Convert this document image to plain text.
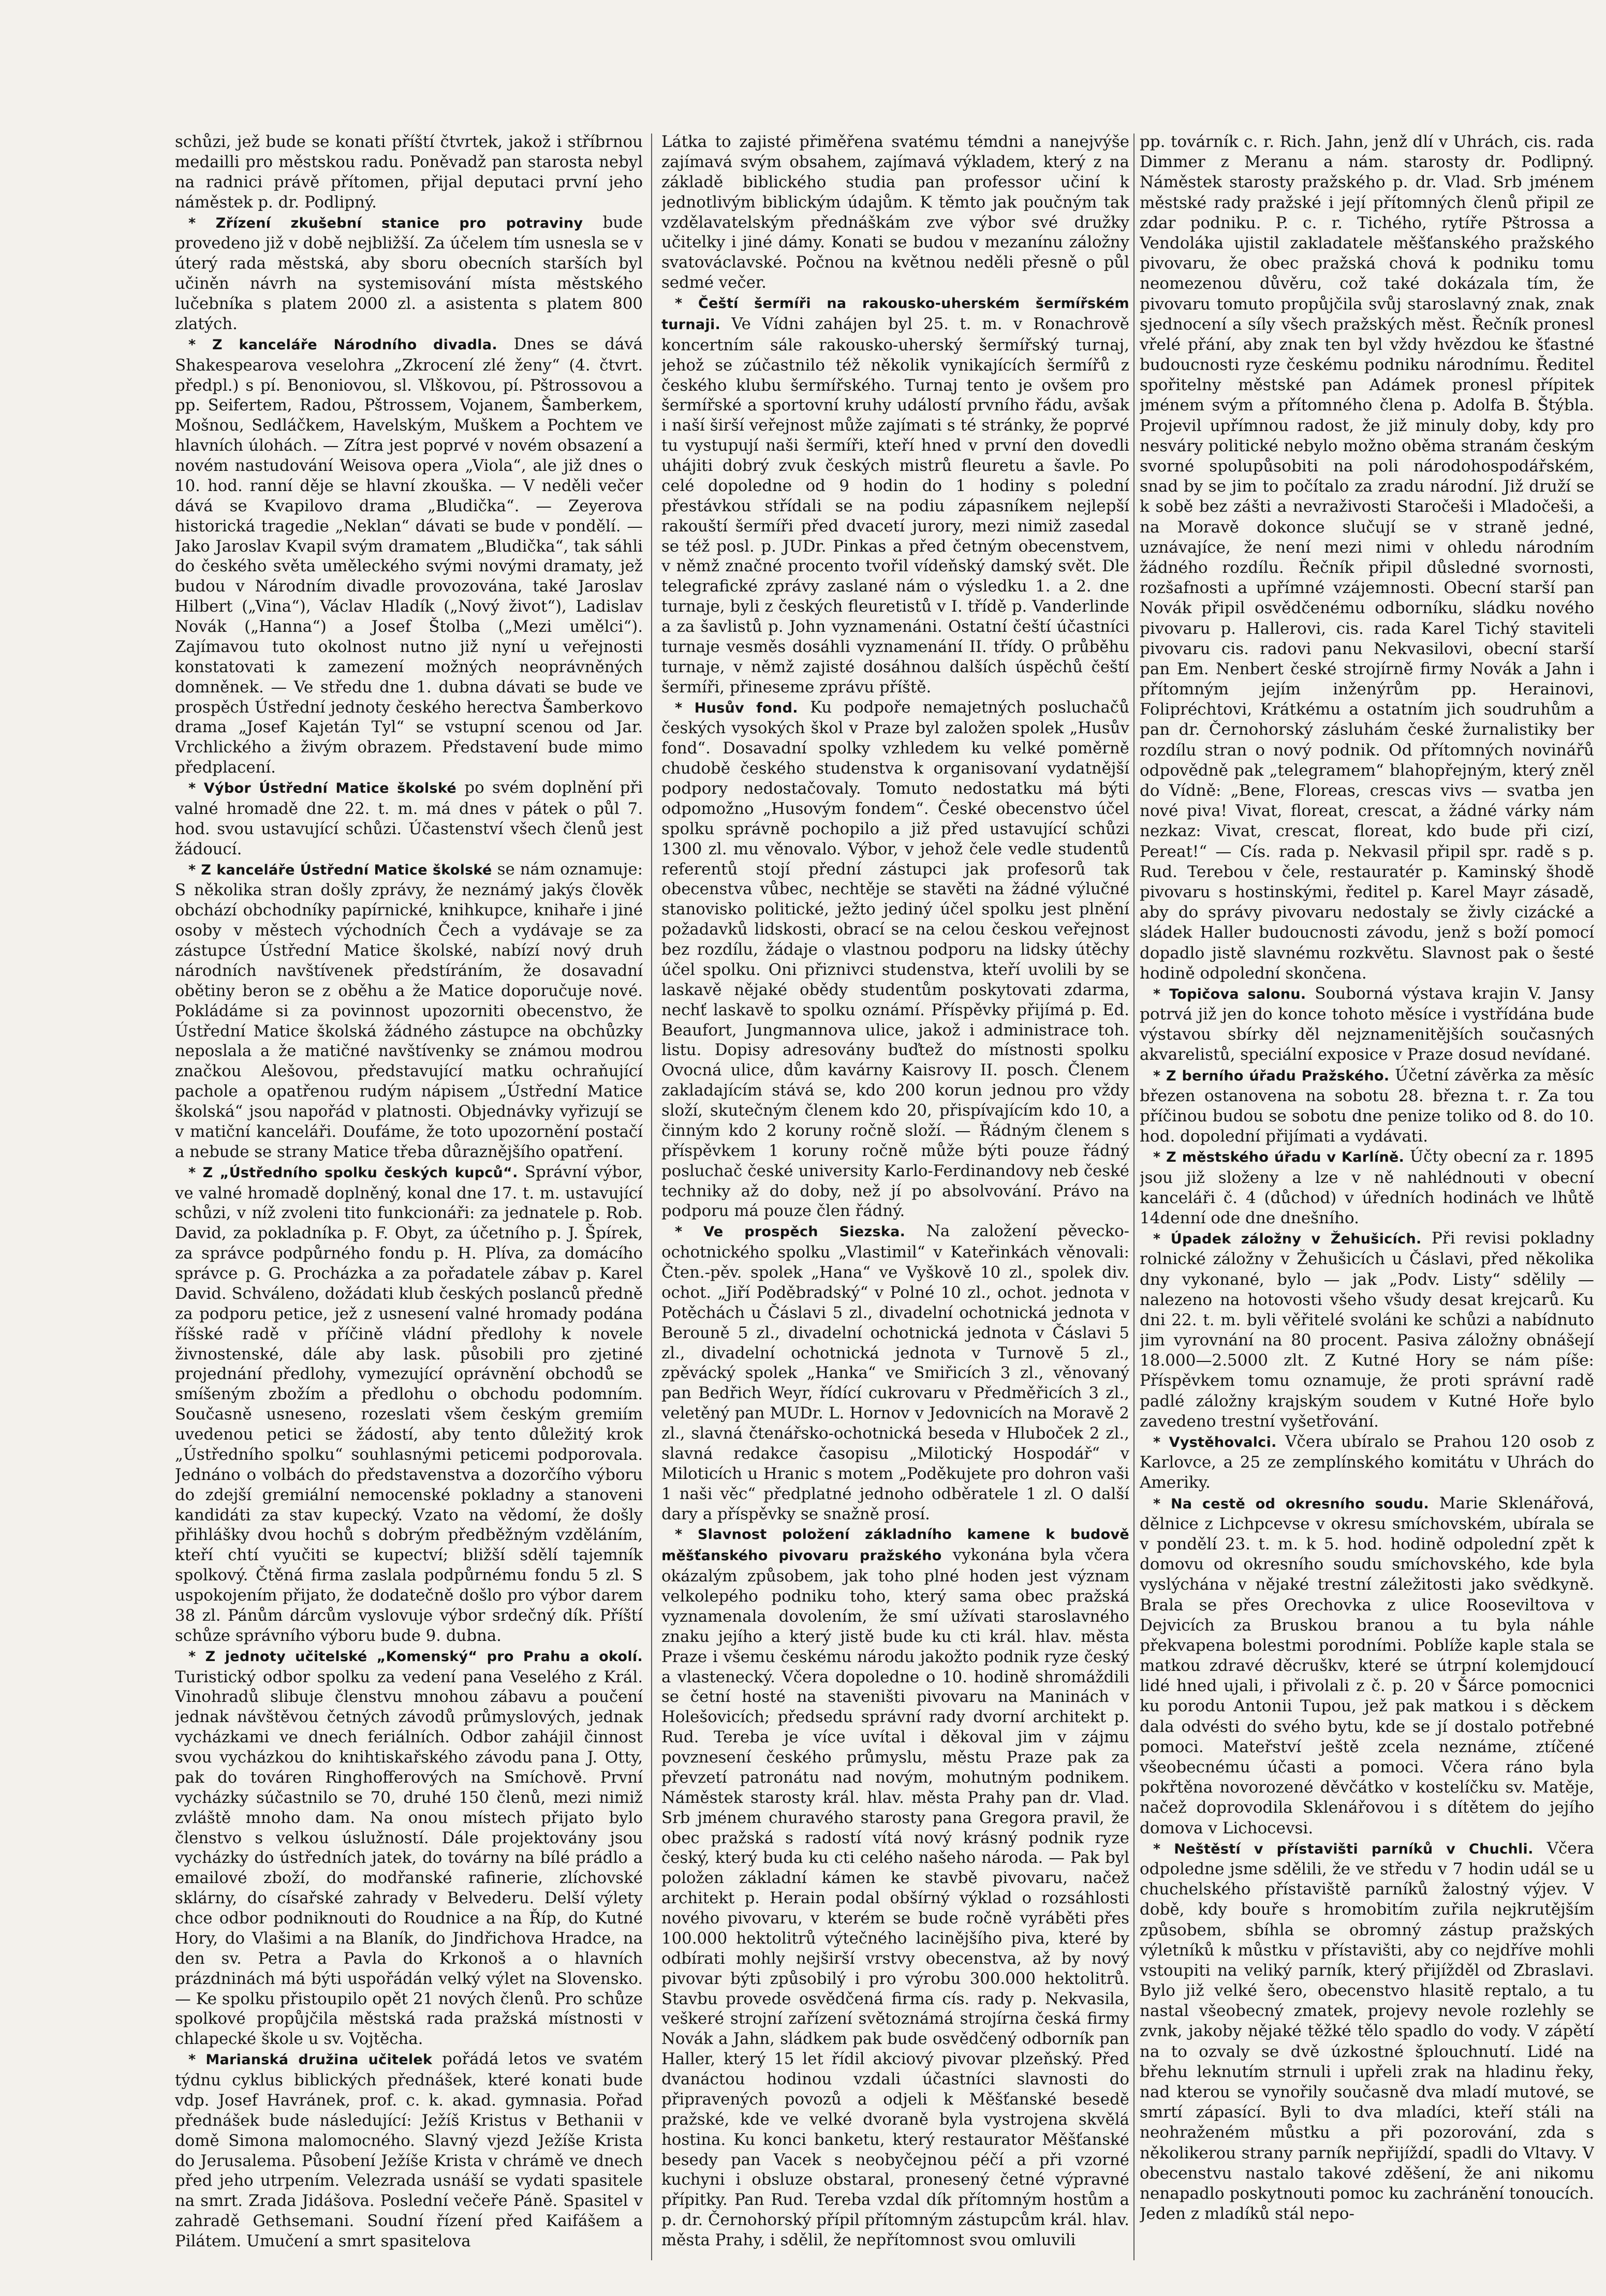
schůzi, jež bude se konati příští čtvrtek, jakož i stříbrnou medailli pro městskou radu. Poněvadž pan starosta nebyl na radnici právě přítomen, přijal deputaci první jeho náměstek p. dr. Podlipný.

* Zřízení zkušební stanice pro potraviny bude provedeno již v době nejbližší. Za účelem tím usnesla se v úterý rada městská, aby sboru obecních starších byl učiněn návrh na systemisování místa městského lučebníka s platem 2000 zl. a asistenta s platem 800 zlatých.

* Z kanceláře Národního divadla. Dnes se dává Shakespearova veselohra „Zkrocení zlé ženy“ (4. čtvrt. předpl.) s pí. Benoniovou, sl. Vlškovou, pí. Pštrossovou a pp. Seifertem, Radou, Pštrossem, Vojanem, Šamberkem, Mošnou, Sedláčkem, Havelským, Muškem a Pochtem ve hlavních úlohách. — Zítra jest poprvé v novém obsazení a novém nastudování Weisova opera „Viola“, ale již dnes o 10. hod. ranní děje se hlavní zkouška. — V neděli večer dává se Kvapilovo drama „Bludička“. — Zeyerova historická tragedie „Neklan“ dávati se bude v pondělí. — Jako Jaroslav Kvapil svým dramatem „Bludička“, tak sáhli do českého světa uměleckého svými novými dramaty, jež budou v Národním divadle provozována, také Jaroslav Hilbert („Vina“), Václav Hladík („Nový život“), Ladislav Novák („Hanna“) a Josef Štolba („Mezi umělci“). Zajímavou tuto okolnost nutno již nyní u veřejnosti konstatovati k zamezení možných neoprávněných domněnek. — Ve středu dne 1. dubna dávati se bude ve prospěch Ústřední jednoty českého herectva Šamberkovo drama „Josef Kajetán Tyl“ se vstupní scenou od Jar. Vrchlického a živým obrazem. Představení bude mimo předplacení.

* Výbor Ústřední Matice školské po svém doplnění při valné hromadě dne 22. t. m. má dnes v pátek o půl 7. hod. svou ustavující schůzi. Účastenství všech členů jest žádoucí.

* Z kanceláře Ústřední Matice školské se nám oznamuje: S několika stran došly zprávy, že neznámý jakýs člověk obchází obchodníky papírnické, knihkupce, knihaře i jiné osoby v městech východních Čech a vydávaje se za zástupce Ústřední Matice školské, nabízí nový druh národních navštívenek předstíráním, že dosavadní obětiny beron se z oběhu a že Matice doporučuje nové. Pokládáme si za povinnost upozorniti obecenstvo, že Ústřední Matice školská žádného zástupce na obchůzky neposlala a že matičné navštívenky se známou modrou značkou Alešovou, představující matku ochraňující pachole a opatřenou rudým nápisem „Ústřední Matice školská“ jsou napořád v platnosti. Objednávky vyřizují se v matiční kanceláři. Doufáme, že toto upozornění postačí a nebude se strany Matice třeba důraznějšího opatření.

* Z „Ústředního spolku českých kupců“. Správní výbor, ve valné hromadě doplněný, konal dne 17. t. m. ustavující schůzi, v níž zvoleni tito funkcionáři: za jednatele p. Rob. David, za pokladníka p. F. Obyt, za účetního p. J. Špírek, za správce podpůrného fondu p. H. Plíva, za domácího správce p. G. Procházka a za pořadatele zábav p. Karel David. Schváleno, dožádati klub českých poslanců předně za podporu petice, jež z usnesení valné hromady podána říšské radě v příčině vládní předlohy k novele živnostenské, dále aby lask. působili pro zjetiné projednání předlohy, vymezující oprávnění obchodů se smíšeným zbožím a předlohu o obchodu podomním. Současně usneseno, rozeslati všem českým gremiím uvedenou petici se žádostí, aby tento důležitý krok „Ústředního spolku“ souhlasnými peticemi podporovala. Jednáno o volbách do představenstva a dozorčího výboru do zdejší gremiální nemocenské pokladny a stanoveni kandidáti za stav kupecký. Vzato na vědomí, že došly přihlášky dvou hochů s dobrým předběžným vzděláním, kteří chtí vyučiti se kupectví; bližší sdělí tajemník spolkový. Čtěná firma zaslala podpůrnému fondu 5 zl. S uspokojením přijato, že dodatečně došlo pro výbor darem 38 zl. Pánům dárcům vyslovuje výbor srdečný dík. Příští schůze správního výboru bude 9. dubna.

* Z jednoty učitelské „Komenský“ pro Prahu a okolí. Turistický odbor spolku za vedení pana Veselého z Král. Vinohradů slibuje členstvu mnohou zábavu a poučení jednak návštěvou četných závodů průmyslových, jednak vycházkami ve dnech feriálních. Odbor zahájil činnost svou vycházkou do knihtiskařského závodu pana J. Otty, pak do továren Ringhofferových na Smíchově. První vycházky súčastnilo se 70, druhé 150 členů, mezi nimiž zvláště mnoho dam. Na onou místech přijato bylo členstvo s velkou úslužností. Dále projektovány jsou vycházky do ústředních jatek, do továrny na bílé prádlo a emailové zboží, do modřanské rafinerie, zlíchovské sklárny, do císařské zahrady v Belvederu. Delší výlety chce odbor podniknouti do Roudnice a na Říp, do Kutné Hory, do Vlašimi a na Blaník, do Jindřichova Hradce, na den sv. Petra a Pavla do Krkonoš a o hlavních prázdninách má býti uspořádán velký výlet na Slovensko. — Ke spolku přistoupilo opět 21 nových členů. Pro schůze spolkové propůjčila městská rada pražská místnosti v chlapecké škole u sv. Vojtěcha.

* Marianská družina učitelek pořádá letos ve svatém týdnu cyklus biblických přednášek, které konati bude vdp. Josef Havránek, prof. c. k. akad. gymnasia. Pořad přednášek bude následující: Ježíš Kristus v Bethanii v domě Simona malomocného. Slavný vjezd Ježíše Krista do Jerusalema. Působení Ježíše Krista v chrámě ve dnech před jeho utrpením. Velezrada usnáší se vydati spasitele na smrt. Zrada Jidášova. Poslední večeře Páně. Spasitel v zahradě Gethsemani. Soudní řízení před Kaifášem a Pilátem. Umučení a smrt spasitelova

Látka to zajisté přiměřena svatému témdni a nanejvýše zajímavá svým obsahem, zajímavá výkladem, který z na základě biblického studia pan professor učiní k jednotlivým biblickým údajům. K těmto jak poučným tak vzdělavatelským přednáškám zve výbor své družky učitelky i jiné dámy. Konati se budou v mezanínu záložny svatováclavské. Počnou na květnou neděli přesně o půl sedmé večer.

* Čeští šermíři na rakousko-uherském šermířském turnaji. Ve Vídni zahájen byl 25. t. m. v Ronachrově koncertním sále rakousko-uherský šermířský turnaj, jehož se zúčastnilo též několik vynikajících šermířů z českého klubu šermířského. Turnaj tento je ovšem pro šermířské a sportovní kruhy událostí prvního řádu, avšak i naší širší veřejnost může zajímati s té stránky, že poprvé tu vystupují naši šermíři, kteří hned v první den dovedli uhájiti dobrý zvuk českých mistrů fleuretu a šavle. Po celé dopoledne od 9 hodin do 1 hodiny s polední přestávkou střídali se na podiu zápasníkem nejlepší rakouští šermíři před dvacetí jurory, mezi nimiž zasedal se též posl. p. JUDr. Pinkas a před četným obecenstvem, v němž značné procento tvořil vídeňský damský svět. Dle telegrafické zprávy zaslané nám o výsledku 1. a 2. dne turnaje, byli z českých fleuretistů v I. třídě p. Vanderlinde a za šavlistů p. John vyznamenáni. Ostatní čeští účastníci turnaje vesměs dosáhli vyznamenání II. třídy. O průběhu turnaje, v němž zajisté dosáhnou dalších úspěchů čeští šermíři, přineseme zprávu příště.

* Husův fond. Ku podpoře nemajetných posluchačů českých vysokých škol v Praze byl založen spolek „Husův fond“. Dosavadní spolky vzhledem ku velké poměrně chudobě českého studenstva k organisovaní vydatnější podpory nedostačovaly. Tomuto nedostatku má býti odpomožno „Husovým fondem“. České obecenstvo účel spolku správně pochopilo a již před ustavující schůzi 1300 zl. mu věnovalo. Výbor, v jehož čele vedle studentů referentů stojí přední zástupci jak profesorů tak obecenstva vůbec, nechtěje se stavěti na žádné výlučné stanovisko politické, ježto jediný účel spolku jest plnění požadavků lidskosti, obrací se na celou českou veřejnost bez rozdílu, žádaje o vlastnou podporu na lidsky útěchy účel spolku. Oni přiznivci studenstva, kteří uvolili by se laskavě nějaké obědy studentům poskytovati zdarma, nechť laskavě to spolku oznámí. Příspěvky přijímá p. Ed. Beaufort, Jungmannova ulice, jakož i administrace toh. listu. Dopisy adresovány buďtež do místnosti spolku Ovocná ulice, dům kavárny Kaisrovy II. posch. Členem zakladajícím stává se, kdo 200 korun jednou pro vždy složí, skutečným členem kdo 20, přispívajícím kdo 10, a činným kdo 2 koruny ročně složí. — Řádným členem s příspěvkem 1 koruny ročně může býti pouze řádný posluchač české university Karlo-Ferdinandovy neb české techniky až do doby, než jí po absolvování. Právo na podporu má pouze člen řádný.

* Ve prospěch Siezska. Na založení pěvecko-ochotnického spolku „Vlastimil“ v Kateřinkách věnovali: Čten.-pěv. spolek „Hana“ ve Vyškově 10 zl., spolek div. ochot. „Jiří Poděbradský“ v Polné 10 zl., ochot. jednota v Potěchách u Čáslavi 5 zl., divadelní ochotnická jednota v Berouně 5 zl., divadelní ochotnická jednota v Čáslavi 5 zl., divadelní ochotnická jednota v Turnově 5 zl., zpěvácký spolek „Hanka“ ve Smiřicích 3 zl., věnovaný pan Bedřich Weyr, řídící cukrovaru v Předměřicích 3 zl., veletěný pan MUDr. L. Hornov v Jedovnicích na Moravě 2 zl., slavná čtenářsko-ochotnická beseda v Hluboček 2 zl., slavná redakce časopisu „Milotický Hospodář“ v Miloticích u Hranic s motem „Poděkujete pro dohron vaši 1 naši věc“ předplatné jednoho odběratele 1 zl. O další dary a příspěvky se snažně prosí.

* Slavnost položení základního kamene k budově měšťanského pivovaru pražského vykonána byla včera okázalým způsobem, jak toho plné hoden jest význam velkolepého podniku toho, který sama obec pražská vyznamenala dovolením, že smí užívati staroslavného znaku jejího a který jistě bude ku cti král. hlav. města Praze i všemu českému národu jakožto podnik ryze český a vlastenecký. Včera dopoledne o 10. hodině shromáždili se četní hosté na staveništi pivovaru na Maninách v Holešovicích; předsedu správní rady dvorní architekt p. Rud. Tereba je více uvítal i děkoval jim v zájmu povznesení českého průmyslu, městu Praze pak za převzetí patronátu nad novým, mohutným podnikem. Náměstek starosty král. hlav. města Prahy pan dr. Vlad. Srb jménem churavého starosty pana Gregora pravil, že obec pražská s radostí vítá nový krásný podnik ryze český, který buda ku cti celého našeho národa. — Pak byl položen základní kámen ke stavbě pivovaru, načež architekt p. Herain podal obšírný výklad o rozsáhlosti nového pivovaru, v kterém se bude ročně vyráběti přes 100.000 hektolitrů výtečného lacinějšího piva, které by odbírati mohly nejširší vrstvy obecenstva, až by nový pivovar býti způsobilý i pro výrobu 300.000 hektolitrů. Stavbu provede osvědčená firma cís. rady p. Nekvasila, veškeré strojní zařízení světoznámá strojírna česká firmy Novák a Jahn, sládkem pak bude osvědčený odborník pan Haller, který 15 let řídil akciový pivovar plzeňský. Před dvanáctou hodinou vzdali účastníci slavnosti do připravených povozů a odjeli k Měšťanské besedě pražské, kde ve velké dvoraně byla vystrojena skvělá hostina. Ku konci banketu, který restaurator Měšťanské besedy pan Vacek s neobyčejnou péčí a při vzorné kuchyni i obsluze obstaral, pronesený četné výpravné přípitky. Pan Rud. Tereba vzdal dík přítomným hostům a p. dr. Černohorský přípil přítomným zástupcům král. hlav. města Prahy, i sdělil, že nepřítomnost svou omluvili

pp. továrník c. r. Rich. Jahn, jenž dlí v Uhrách, cis. rada Dimmer z Meranu a nám. starosty dr. Podlipný. Náměstek starosty pražského p. dr. Vlad. Srb jménem městské rady pražské i její přítomných členů připil ze zdar podniku. P. c. r. Tichého, rytíře Pštrossa a Vendoláka ujistil zakladatele měšťanského pražského pivovaru, že obec pražská chová k podniku tomu neomezenou důvěru, což také dokázala tím, že pivovaru tomuto propůjčila svůj staroslavný znak, znak sjednocení a síly všech pražských měst. Řečník pronesl vřelé přání, aby znak ten byl vždy hvězdou ke šťastné budoucnosti ryze českému podniku národnímu. Ředitel spořitelny městské pan Adámek pronesl přípitek jménem svým a přítomného člena p. Adolfa B. Štýbla. Projevil upřímnou radost, že již minuly doby, kdy pro nesváry politické nebylo možno oběma stranám českým svorné spolupůsobiti na poli národohospodářském, snad by se jim to počítalo za zradu národní. Již druží se k sobě bez zášti a nevraživosti Staročeši i Mladočeši, a na Moravě dokonce slučují se v straně jedné, uznávajíce, že není mezi nimi v ohledu národním žádného rozdílu. Řečník připil důsledné svornosti, rozšafnosti a upřímné vzájemnosti. Obecní starší pan Novák připil osvědčenému odborníku, sládku nového pivovaru p. Hallerovi, cis. rada Karel Tichý staviteli pivovaru cis. radovi panu Nekvasilovi, obecní starší pan Em. Nenbert české strojírně firmy Novák a Jahn i přítomným jejím inženýrům pp. Herainovi, Folipréchtovi, Krátkému a ostatním jich soudruhům a pan dr. Černohorský zásluhám české žurnalistiky ber rozdílu stran o nový podnik. Od přítomných novinářů odpovědně pak „telegramem“ blahopřejným, který zněl do Vídně: „Bene, Floreas, crescas vivs — svatba jen nové piva! Vivat, floreat, crescat, a žádné várky nám nezkaz: Vivat, crescat, floreat, kdo bude při cizí, Pereat!“ — Cís. rada p. Nekvasil připil spr. radě s p. Rud. Terebou v čele, restauratér p. Kaminský šhodě pivovaru s hostinskými, ředitel p. Karel Mayr zásadě, aby do správy pivovaru nedostaly se živly cizácké a sládek Haller budoucnosti závodu, jenž s boží pomocí dopadlo jistě slavnému rozkvětu. Slavnost pak o šesté hodině odpolední skončena.

* Topičova salonu. Souborná výstava krajin V. Jansy potrvá již jen do konce tohoto měsíce i vystřídána bude výstavou sbírky děl nejznamenitějších současných akvarelistů, speciální exposice v Praze dosud nevídané.

* Z berního úřadu Pražského. Účetní závěrka za měsíc březen ostanovena na sobotu 28. března t. r. Za tou příčinou budou se sobotu dne penize toliko od 8. do 10. hod. dopolední přijímati a vydávati.

* Z městského úřadu v Karlíně. Účty obecní za r. 1895 jsou již složeny a lze v ně nahlédnouti v obecní kanceláři č. 4 (důchod) v úředních hodinách ve lhůtě 14denní ode dne dnešního.

* Úpadek záložny v Žehušicích. Při revisi pokladny rolnické záložny v Žehušicích u Čáslavi, před několika dny vykonané, bylo — jak „Podv. Listy“ sdělily — nalezeno na hotovosti všeho všudy desat krejcarů. Ku dni 22. t. m. byli věřitelé svoláni ke schůzi a nabídnuto jim vyrovnání na 80 procent. Pasiva záložny obnášejí 18.000—2.5000 zlt. Z Kutné Hory se nám píše: Příspěvkem tomu oznamuje, že proti správní radě padlé záložny krajským soudem v Kutné Hoře bylo zavedeno trestní vyšetřování.

* Vystěhovalci. Včera ubíralo se Prahou 120 osob z Karlovce, a 25 ze zemplínského komitátu v Uhrách do Ameriky.

* Na cestě od okresního soudu. Marie Sklenářová, dělnice z Lichpcevse v okresu smíchovském, ubírala se v pondělí 23. t. m. k 5. hod. hodině odpolední zpět k domovu od okresního soudu smíchovského, kde byla vyslýchána v nějaké trestní záležitosti jako svědkyně. Brala se přes Orechovka z ulice Rooseviltova v Dejvicích za Bruskou branou a tu byla náhle překvapena bolestmi porodními. Poblíže kaple stala se matkou zdravé děcruškv, které se útrpní kolemjdoucí lidé hned ujali, i přivolali z č. p. 20 v Šárce pomocnici ku porodu Antonii Tupou, jež pak matkou i s děckem dala odvésti do svého bytu, kde se jí dostalo potřebné pomoci. Mateřství ještě zcela neznáme, ztíčené všeobecnému účasti a pomoci. Včera ráno byla pokřtěna novorozené děvčátko v kostelíčku sv. Matěje, načež doprovodila Sklenářovou i s dítětem do jejího domova v Lichocevsi.

* Neštěstí v přístavišti parníků v Chuchli. Včera odpoledne jsme sdělili, že ve středu v 7 hodin udál se u chuchelského přístaviště parníků žalostný výjev. V době, kdy bouře s hromobitím zuřila nejkrutějším způsobem, sbíhla se obromný zástup pražských výletníků k můstku v přístavišti, aby co nejdříve mohli vstoupiti na veliký parník, který přijížděl od Zbraslavi. Bylo již velké šero, obecenstvo hlasitě reptalo, a tu nastal všeobecný zmatek, projevy nevole rozlehly se zvnk, jakoby nějaké těžké tělo spadlo do vody. V zápětí na to ozvaly se dvě úzkostné šplouchnutí. Lidé na břehu leknutím strnuli i upřeli zrak na hladinu řeky, nad kterou se vynořily současně dva mladí mutové, se smrtí zápasící. Byli to dva mladíci, kteří stáli na neohraženém můstku a při pozorování, zda s několikerou strany parník nepřijíždí, spadli do Vltavy. V obecenstvu nastalo takové zděšení, že ani nikomu nenapadlo poskytnouti pomoc ku zachránění tonoucích. Jeden z mladíků stál nepo-
